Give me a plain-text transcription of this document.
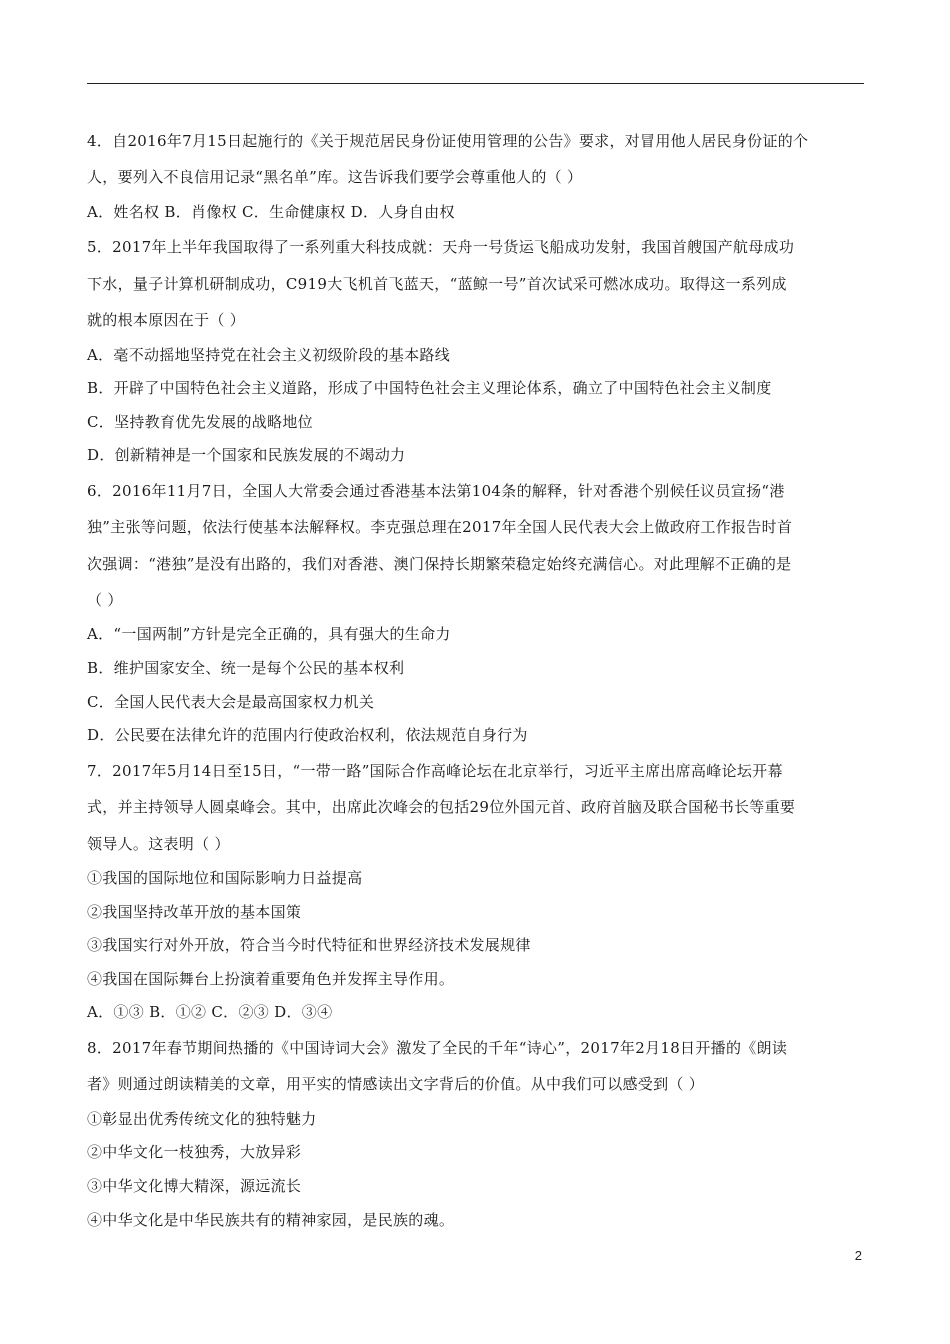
4．自2016年7月15日起施行的《关于规范居民身份证使用管理的公告》要求，对冒用他人居民身份证的个
人，要列入不良信用记录“黑名单”库。这告诉我们要学会尊重他人的（ ）
A．姓名权 B．肖像权 C．生命健康权 D．人身自由权
5．2017年上半年我国取得了一系列重大科技成就：天舟一号货运飞船成功发射，我国首艘国产航母成功
下水，量子计算机研制成功，C919大飞机首飞蓝天，“蓝鲸一号”首次试采可燃冰成功。取得这一系列成
就的根本原因在于（ ）
A．毫不动摇地坚持党在社会主义初级阶段的基本路线
B．开辟了中国特色社会主义道路，形成了中国特色社会主义理论体系，确立了中国特色社会主义制度
C．坚持教育优先发展的战略地位
D．创新精神是一个国家和民族发展的不竭动力
6．2016年11月7日，全国人大常委会通过香港基本法第104条的解释，针对香港个别候任议员宣扬“港
独”主张等问题，依法行使基本法解释权。李克强总理在2017年全国人民代表大会上做政府工作报告时首
次强调：“港独”是没有出路的，我们对香港、澳门保持长期繁荣稳定始终充满信心。对此理解不正确的是
（ ）
A．“一国两制”方针是完全正确的，具有强大的生命力
B．维护国家安全、统一是每个公民的基本权利
C．全国人民代表大会是最高国家权力机关
D．公民要在法律允许的范围内行使政治权利，依法规范自身行为
7．2017年5月14日至15日，“一带一路”国际合作高峰论坛在北京举行，习近平主席出席高峰论坛开幕
式，并主持领导人圆桌峰会。其中，出席此次峰会的包括29位外国元首、政府首脑及联合国秘书长等重要
领导人。这表明（ ）
①我国的国际地位和国际影响力日益提高
②我国坚持改革开放的基本国策
③我国实行对外开放，符合当今时代特征和世界经济技术发展规律
④我国在国际舞台上扮演着重要角色并发挥主导作用。
A．①③ B．①② C．②③ D．③④
8．2017年春节期间热播的《中国诗词大会》激发了全民的千年“诗心”，2017年2月18日开播的《朗读
者》则通过朗读精美的文章，用平实的情感读出文字背后的价值。从中我们可以感受到（ ）
①彰显出优秀传统文化的独特魅力
②中华文化一枝独秀，大放异彩
③中华文化博大精深，源远流长
④中华文化是中华民族共有的精神家园，是民族的魂。
2
